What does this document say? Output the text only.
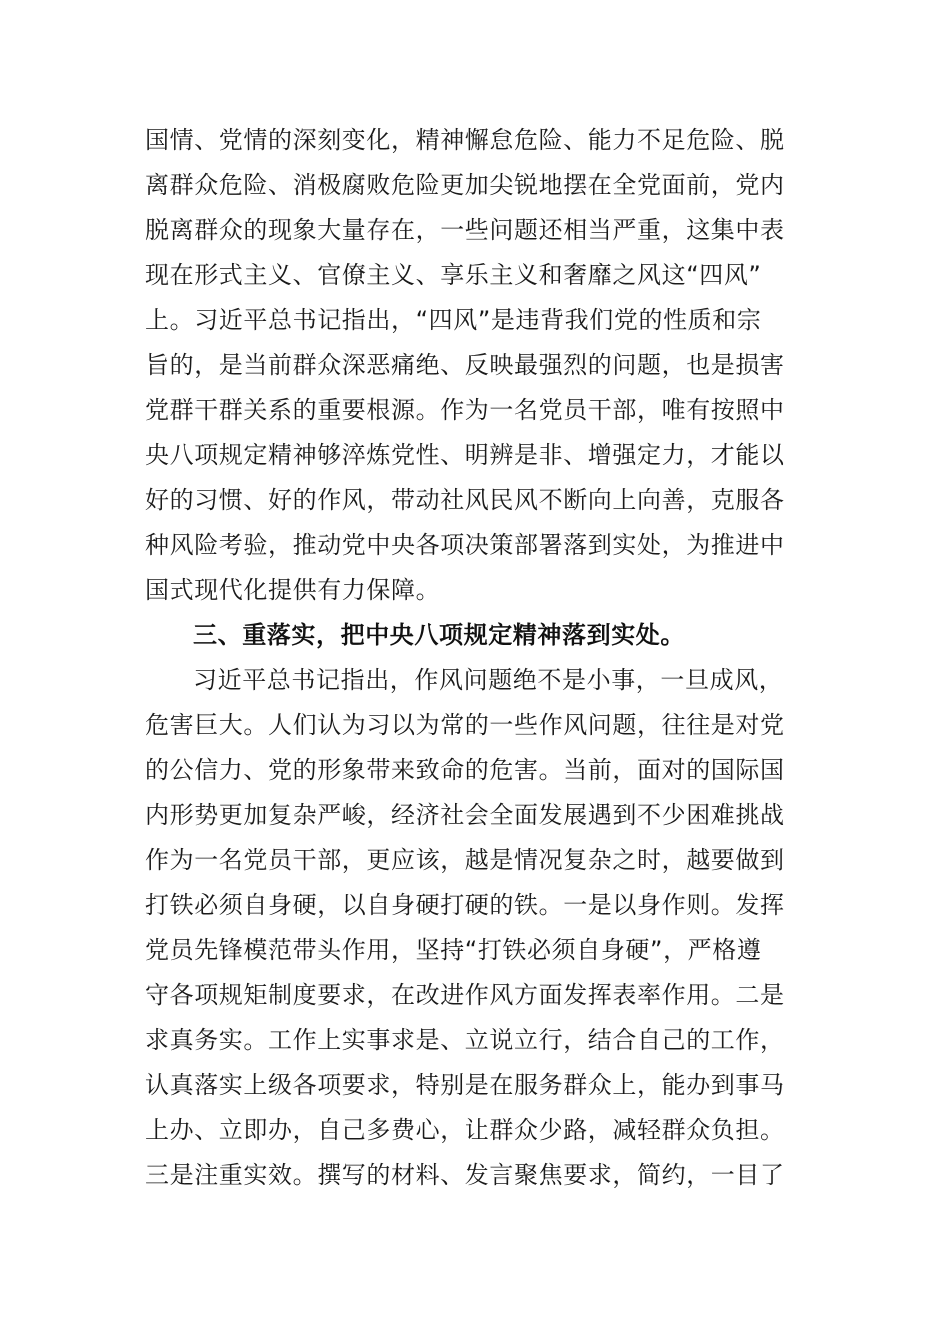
国情、党情的深刻变化，精神懈怠危险、能力不足危险、脱
离群众危险、消极腐败危险更加尖锐地摆在全党面前，党内
脱离群众的现象大量存在，一些问题还相当严重，这集中表
现在形式主义、官僚主义、享乐主义和奢靡之风这“四风”
上。习近平总书记指出，“四风”是违背我们党的性质和宗
旨的，是当前群众深恶痛绝、反映最强烈的问题，也是损害
党群干群关系的重要根源。作为一名党员干部，唯有按照中
央八项规定精神够淬炼党性、明辨是非、增强定力，才能以
好的习惯、好的作风，带动社风民风不断向上向善，克服各
种风险考验，推动党中央各项决策部署落到实处，为推进中
国式现代化提供有力保障。
三、重落实，把中央八项规定精神落到实处。
习近平总书记指出，作风问题绝不是小事，一旦成风，
危害巨大。人们认为习以为常的一些作风问题，往往是对党
的公信力、党的形象带来致命的危害。当前，面对的国际国
内形势更加复杂严峻，经济社会全面发展遇到不少困难挑战
作为一名党员干部，更应该，越是情况复杂之时，越要做到
打铁必须自身硬，以自身硬打硬的铁。一是以身作则。发挥
党员先锋模范带头作用，坚持“打铁必须自身硬”，严格遵
守各项规矩制度要求，在改进作风方面发挥表率作用。二是
求真务实。工作上实事求是、立说立行，结合自己的工作，
认真落实上级各项要求，特别是在服务群众上，能办到事马
上办、立即办，自己多费心，让群众少路，减轻群众负担。
三是注重实效。撰写的材料、发言聚焦要求，简约，一目了
